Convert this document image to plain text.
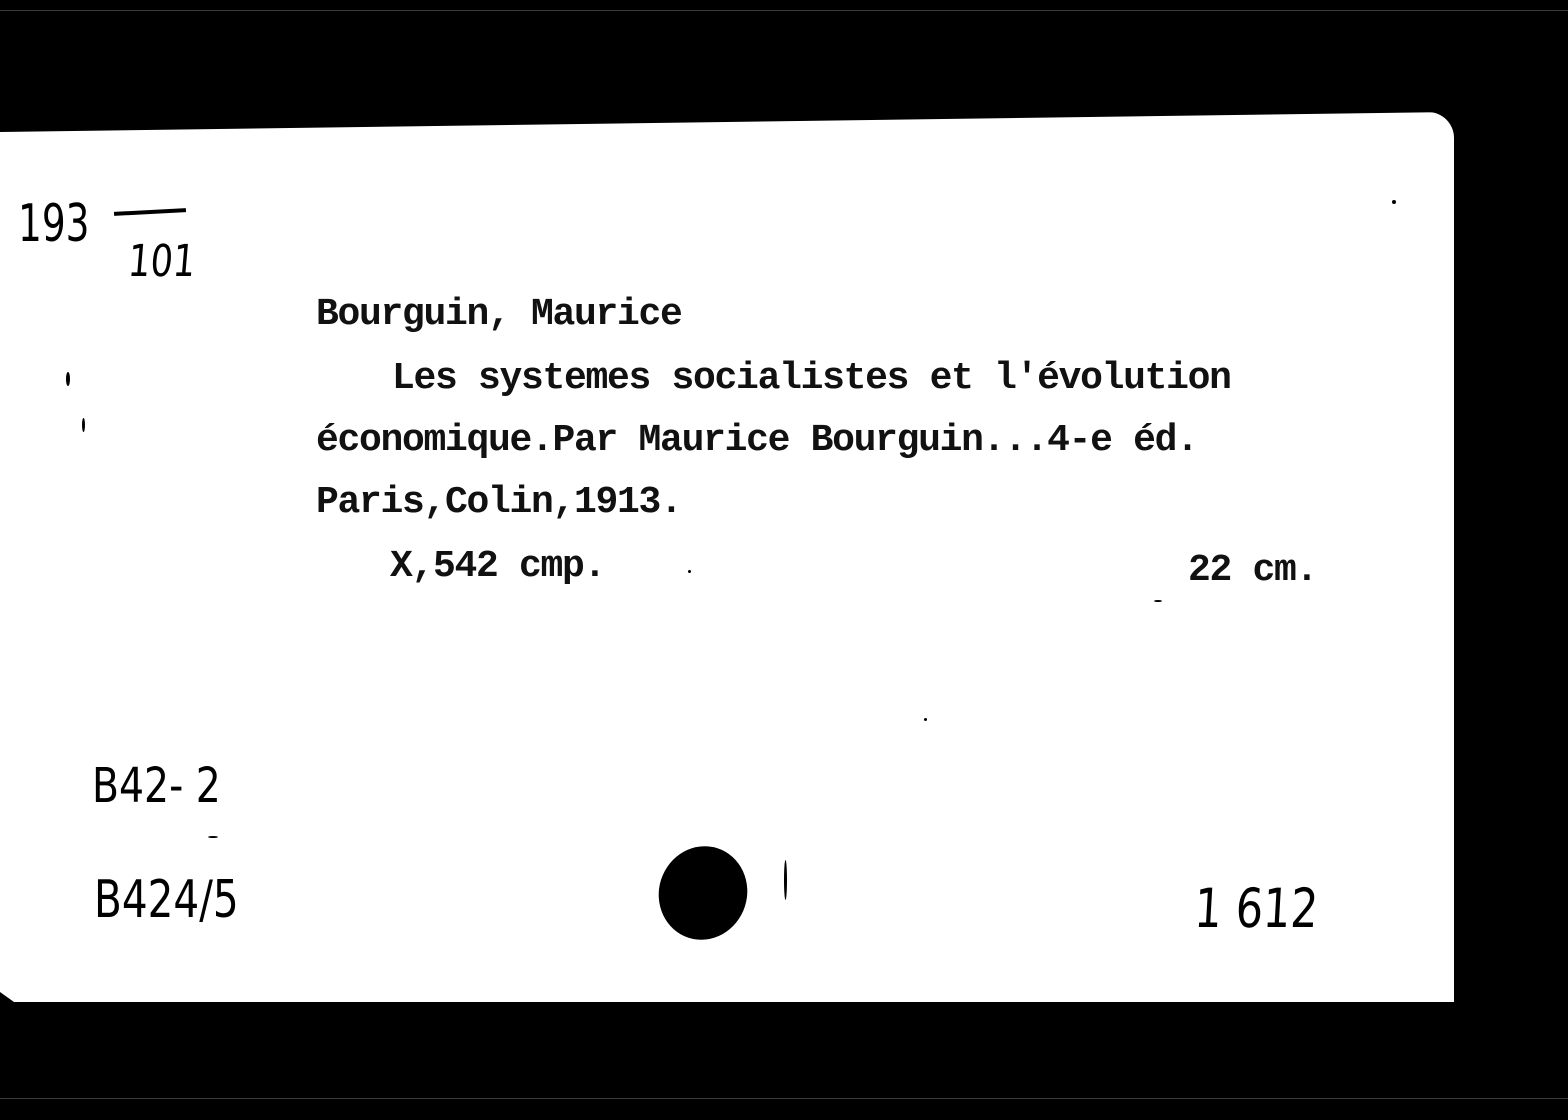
193
101
Bourguin, Maurice
Les systemes socialistes et l'évolution
économique.Par Maurice Bourguin...4-e éd.
Paris,Colin,1913.
X,542 cmp.	22 cm.
B42- 2
B424/5	1 612
